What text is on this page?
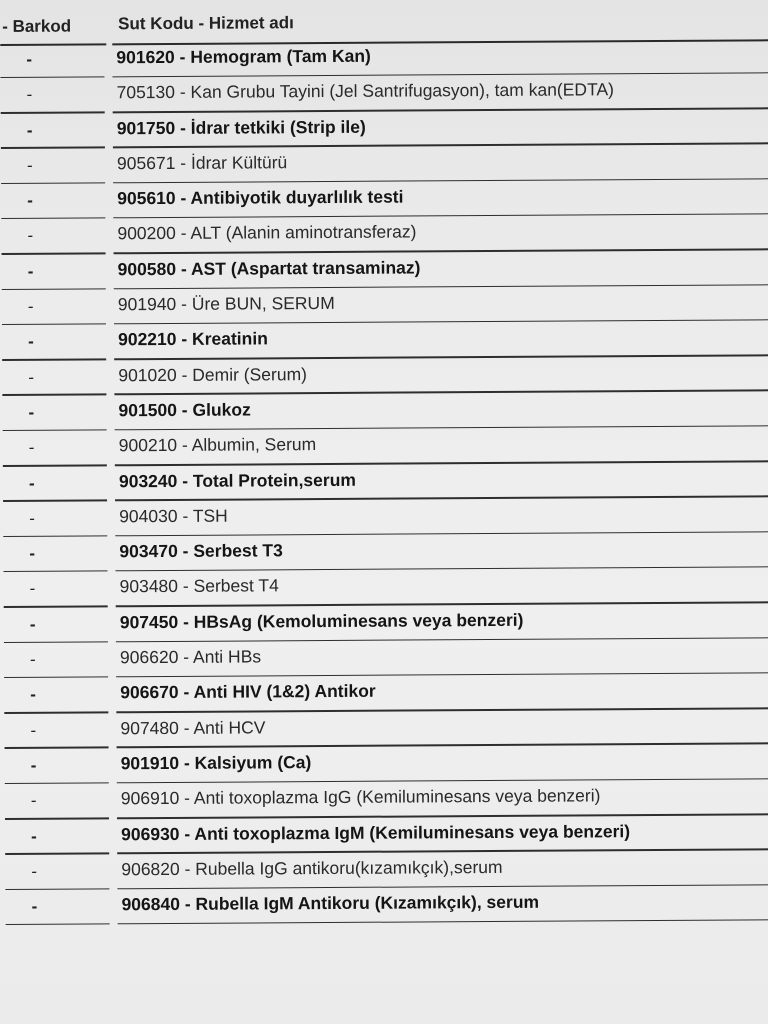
- Barkod	Sut Kodu - Hizmet adı
-	901620 - Hemogram (Tam Kan)
-	705130 - Kan Grubu Tayini (Jel Santrifugasyon), tam kan(EDTA)
-	901750 - İdrar tetkiki (Strip ile)
-	905671 - İdrar Kültürü
-	905610 - Antibiyotik duyarlılık testi
-	900200 - ALT (Alanin aminotransferaz)
-	900580 - AST (Aspartat transaminaz)
-	901940 - Üre BUN, SERUM
-	902210 - Kreatinin
-	901020 - Demir (Serum)
-	901500 - Glukoz
-	900210 - Albumin, Serum
-	903240 - Total Protein,serum
-	904030 - TSH
-	903470 - Serbest T3
-	903480 - Serbest T4
-	907450 - HBsAg (Kemoluminesans veya benzeri)
-	906620 - Anti HBs
-	906670 - Anti HIV (1&2) Antikor
-	907480 - Anti HCV
-	901910 - Kalsiyum (Ca)
-	906910 - Anti toxoplazma IgG (Kemiluminesans veya benzeri)
-	906930 - Anti toxoplazma IgM (Kemiluminesans veya benzeri)
-	906820 - Rubella IgG antikoru(kızamıkçık),serum
-	906840 - Rubella IgM Antikoru (Kızamıkçık), serum
